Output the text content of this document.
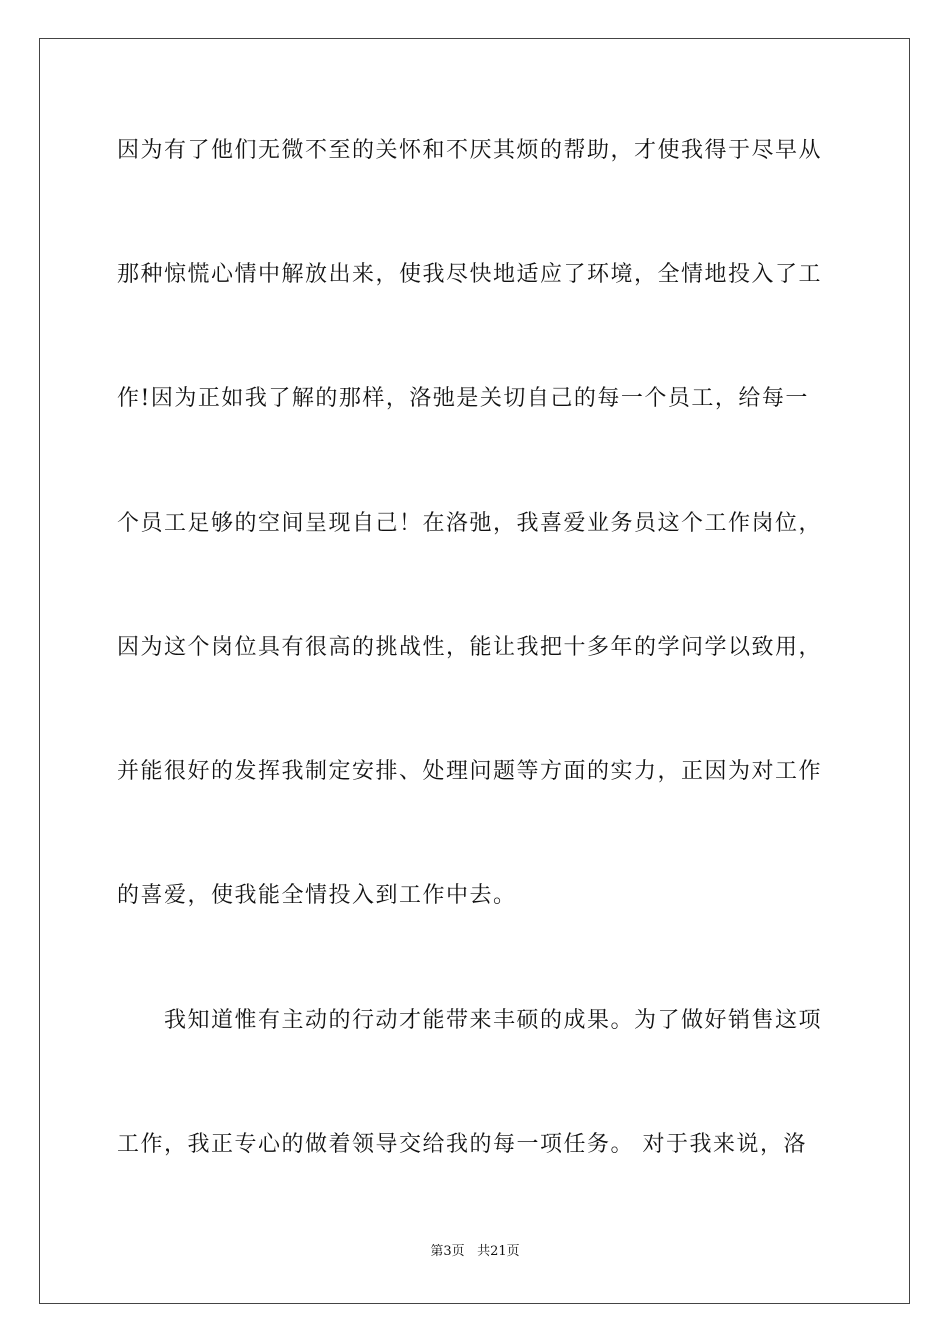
因为有了他们无微不至的关怀和不厌其烦的帮助，才使我得于尽早从
那种惊慌心情中解放出来，使我尽快地适应了环境，全情地投入了工
作!因为正如我了解的那样，洛弛是关切自己的每一个员工，给每一
个员工足够的空间呈现自己！在洛弛，我喜爱业务员这个工作岗位，
因为这个岗位具有很高的挑战性，能让我把十多年的学问学以致用，
并能很好的发挥我制定安排、处理问题等方面的实力，正因为对工作
的喜爱，使我能全情投入到工作中去。
我知道惟有主动的行动才能带来丰硕的成果。为了做好销售这项
工作，我正专心的做着领导交给我的每一项任务。 对于我来说，洛
第3页 共21页
